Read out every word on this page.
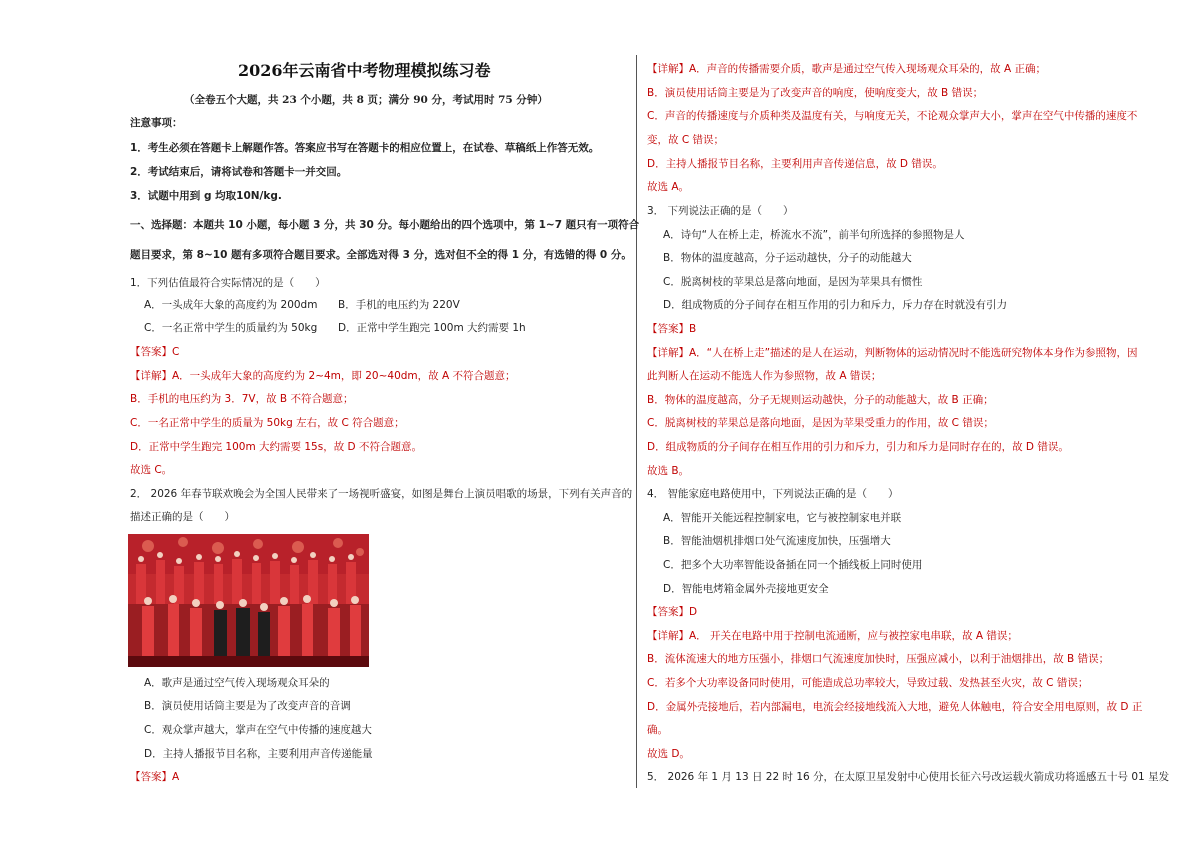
2026年云南省中考物理模拟练习卷
（全卷五个大题，共 23 个小题，共 8 页；满分 90 分，考试用时 75 分钟）
注意事项：
1．考生必须在答题卡上解题作答。答案应书写在答题卡的相应位置上，在试卷、草稿纸上作答无效。
2．考试结束后，请将试卷和答题卡一并交回。
3．试题中用到 g 均取10N/kg.
一、选择题：本题共 10 小题，每小题 3 分，共 30 分。每小题给出的四个选项中，第 1~7 题只有一项符合
题目要求，第 8~10 题有多项符合题目要求。全部选对得 3 分，选对但不全的得 1 分，有选错的得 0 分。
1．下列估值最符合实际情况的是（　　）
A．一头成年大象的高度约为 200dm B．手机的电压约为 220V
C．一名正常中学生的质量约为 50kg D．正常中学生跑完 100m 大约需要 1h
【答案】C
【详解】A．一头成年大象的高度约为 2~4m，即 20~40dm，故 A 不符合题意；
B．手机的电压约为 3．7V，故 B 不符合题意；
C．一名正常中学生的质量为 50kg 左右，故 C 符合题意；
D．正常中学生跑完 100m 大约需要 15s，故 D 不符合题意。
故选 C。
2． 2026 年春节联欢晚会为全国人民带来了一场视听盛宴，如图是舞台上演员唱歌的场景，下列有关声音的
描述正确的是（　　）
A．歌声是通过空气传入现场观众耳朵的
B．演员使用话筒主要是为了改变声音的音调
C．观众掌声越大，掌声在空气中传播的速度越大
D．主持人播报节目名称，主要利用声音传递能量
【答案】A
【详解】A．声音的传播需要介质，歌声是通过空气传入现场观众耳朵的，故 A 正确；
B．演员使用话筒主要是为了改变声音的响度，使响度变大，故 B 错误；
C．声音的传播速度与介质种类及温度有关，与响度无关，不论观众掌声大小，掌声在空气中传播的速度不
变，故 C 错误；
D．主持人播报节目名称，主要利用声音传递信息，故 D 错误。
故选 A。
3． 下列说法正确的是（　　）
A．诗句“人在桥上走，桥流水不流”，前半句所选择的参照物是人
B．物体的温度越高，分子运动越快，分子的动能越大
C．脱离树枝的苹果总是落向地面，是因为苹果具有惯性
D．组成物质的分子间存在相互作用的引力和斥力，斥力存在时就没有引力
【答案】B
【详解】A．“人在桥上走”描述的是人在运动，判断物体的运动情况时不能选研究物体本身作为参照物，因
此判断人在运动不能选人作为参照物，故 A 错误；
B．物体的温度越高，分子无规则运动越快，分子的动能越大，故 B 正确；
C．脱离树枝的苹果总是落向地面，是因为苹果受重力的作用，故 C 错误；
D．组成物质的分子间存在相互作用的引力和斥力，引力和斥力是同时存在的，故 D 错误。
故选 B。
4． 智能家庭电路使用中，下列说法正确的是（　　）
A．智能开关能远程控制家电，它与被控制家电并联
B．智能油烟机排烟口处气流速度加快，压强增大
C．把多个大功率智能设备插在同一个插线板上同时使用
D．智能电烤箱金属外壳接地更安全
【答案】D
【详解】A． 开关在电路中用于控制电流通断，应与被控家电串联，故 A 错误；
B．流体流速大的地方压强小，排烟口气流速度加快时，压强应减小，以利于油烟排出，故 B 错误；
C．若多个大功率设备同时使用，可能造成总功率较大，导致过载、发热甚至火灾，故 C 错误；
D．金属外壳接地后，若内部漏电，电流会经接地线流入大地，避免人体触电，符合安全用电原则，故 D 正
确。
故选 D。
5． 2026 年 1 月 13 日 22 时 16 分，在太原卫星发射中心使用长征六号改运载火箭成功将遥感五十号 01 星发
